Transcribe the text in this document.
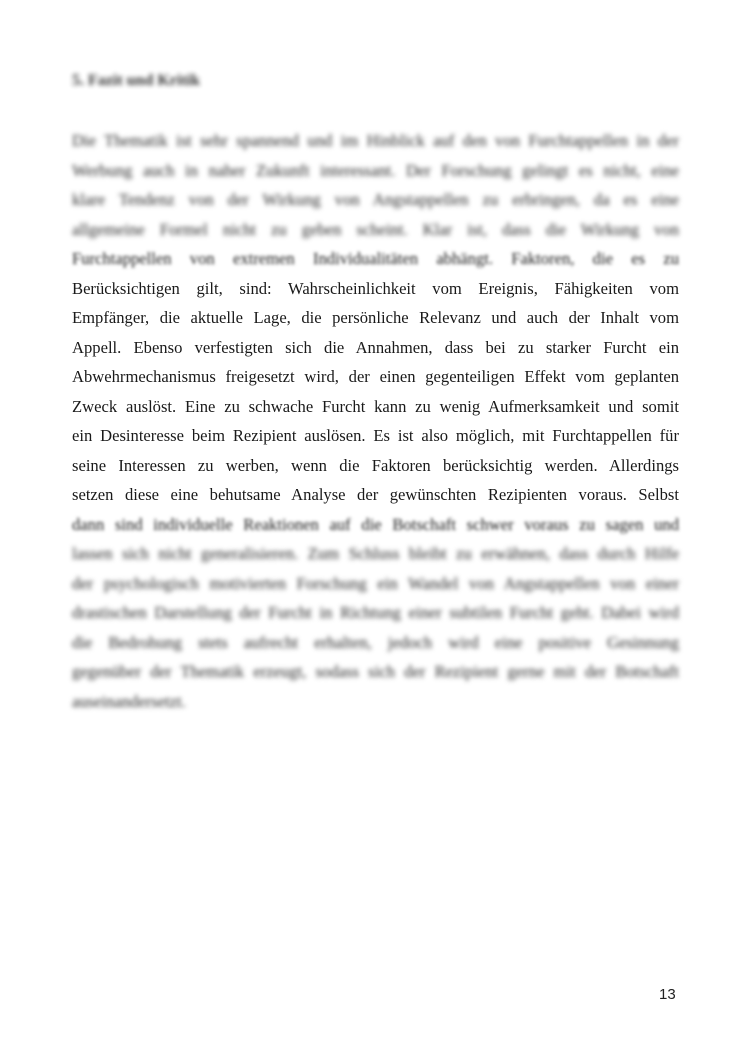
5. Fazit und Kritik
Die Thematik ist sehr spannend und im Hinblick auf den von Furchtappellen in der
Werbung auch in naher Zukunft interessant. Der Forschung gelingt es nicht, eine
klare Tendenz von der Wirkung von Angstappellen zu erbringen, da es eine
allgemeine Formel nicht zu geben scheint. Klar ist, dass die Wirkung von
Furchtappellen von extremen Individualitäten abhängt. Faktoren, die es zu
Berücksichtigen gilt, sind: Wahrscheinlichkeit vom Ereignis, Fähigkeiten vom
Empfänger, die aktuelle Lage, die persönliche Relevanz und auch der Inhalt vom
Appell. Ebenso verfestigten sich die Annahmen, dass bei zu starker Furcht ein
Abwehrmechanismus freigesetzt wird, der einen gegenteiligen Effekt vom geplanten
Zweck auslöst. Eine zu schwache Furcht kann zu wenig Aufmerksamkeit und somit
ein Desinteresse beim Rezipient auslösen. Es ist also möglich, mit Furchtappellen für
seine Interessen zu werben, wenn die Faktoren berücksichtig werden. Allerdings
setzen diese eine behutsame Analyse der gewünschten Rezipienten voraus. Selbst
dann sind individuelle Reaktionen auf die Botschaft schwer voraus zu sagen und
lassen sich nicht generalisieren. Zum Schluss bleibt zu erwähnen, dass durch Hilfe
der psychologisch motivierten Forschung ein Wandel von Angstappellen von einer
drastischen Darstellung der Furcht in Richtung einer subtilen Furcht geht. Dabei wird
die Bedrohung stets aufrecht erhalten, jedoch wird eine positive Gesinnung
gegenüber der Thematik erzeugt, sodass sich der Rezipient gerne mit der Botschaft
auseinandersetzt.
13
